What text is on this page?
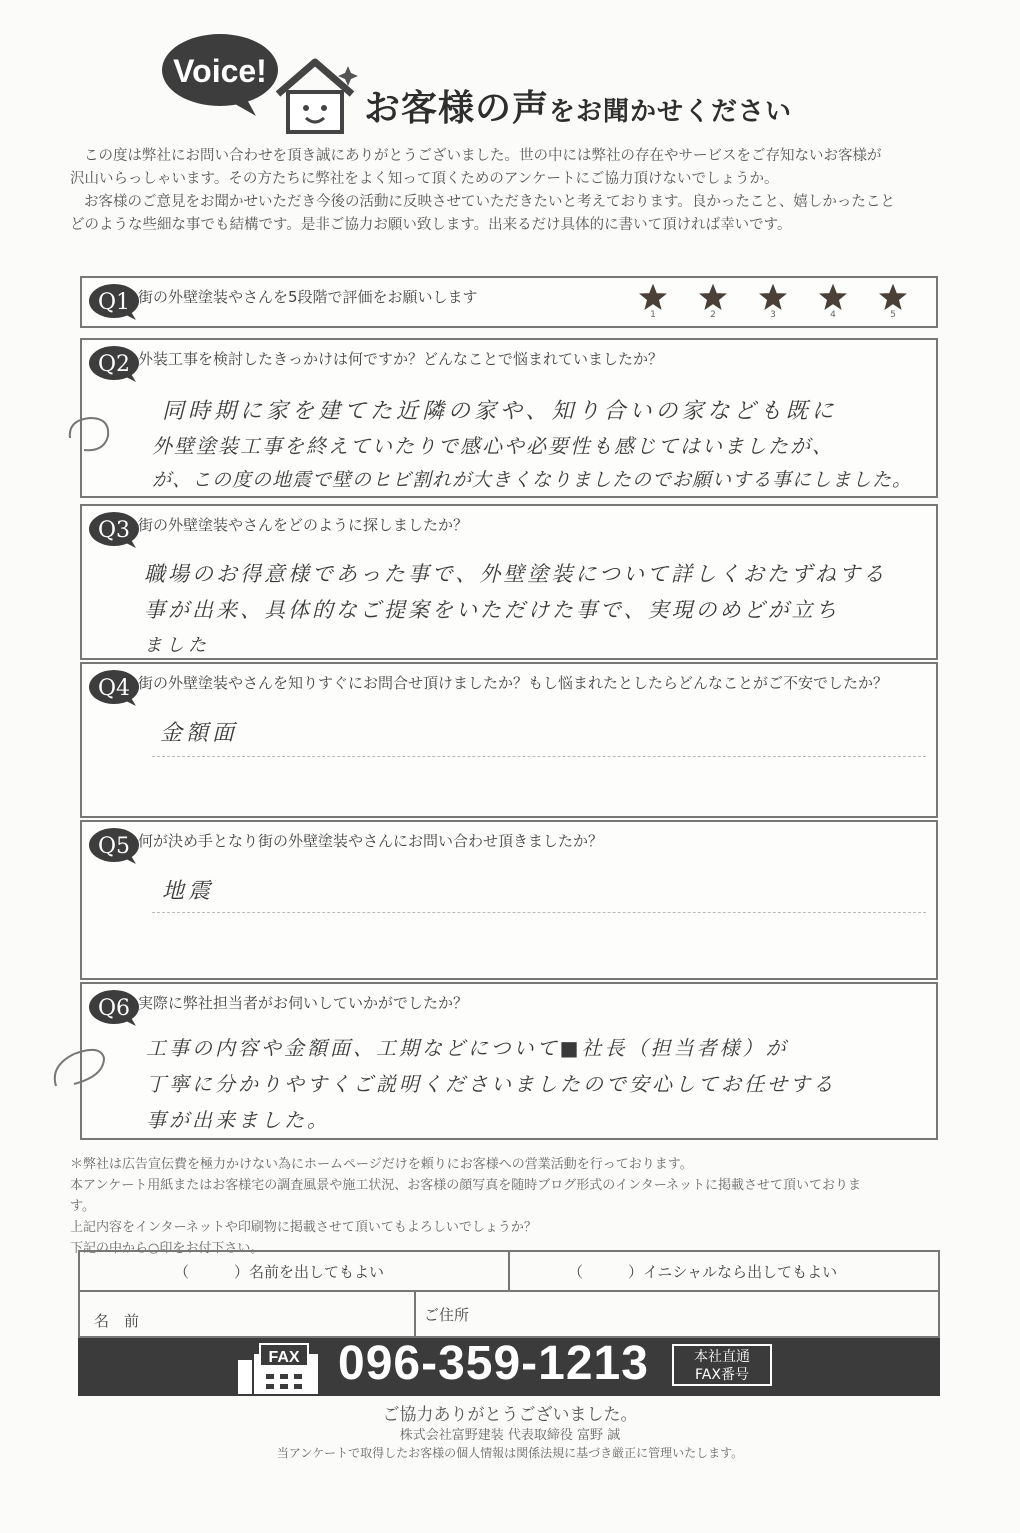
Voice!
お客様の声をお聞かせください

この度は弊社にお問い合わせを頂き誠にありがとうございました。世の中には弊社の存在やサービスをご存知ないお客様が

沢山いらっしゃいます。その方たちに弊社をよく知って頂くためのアンケートにご協力頂けないでしょうか。

お客様のご意見をお聞かせいただき今後の活動に反映させていただきたいと考えております。良かったこと、嬉しかったこと

どのような些細な事でも結構です。是非ご協力お願い致します。出来るだけ具体的に書いて頂ければ幸いです。

Q1 街の外壁塗装やさんを5段階で評価をお願いします
1	2	3	4	5
Q2 外装工事を検討したきっかけは何ですか？どんなことで悩まれていましたか？
同時期に家を建てた近隣の家や、知り合いの家なども既に
外壁塗装工事を終えていたりで感心や必要性も感じてはいましたが、
が、この度の地震で壁のヒビ割れが大きくなりましたのでお願いする事にしました。
Q3 街の外壁塗装やさんをどのように探しましたか？
職場のお得意様であった事で、外壁塗装について詳しくおたずねする
事が出来、具体的なご提案をいただけた事で、実現のめどが立ち
ました
Q4 街の外壁塗装やさんを知りすぐにお問合せ頂けましたか？もし悩まれたとしたらどんなことがご不安でしたか？
金額面
Q5 何が決め手となり街の外壁塗装やさんにお問い合わせ頂きましたか？
地震
Q6 実際に弊社担当者がお伺いしていかがでしたか？
工事の内容や金額面、工期などについて■社長（担当者様）が
丁寧に分かりやすくご説明くださいましたので安心してお任せする
事が出来ました。
＊弊社は広告宣伝費を極力かけない為にホームページだけを頼りにお客様への営業活動を行っております。
本アンケート用紙またはお客様宅の調査風景や施工状況、お客様の顔写真を随時ブログ形式のインターネットに掲載させて頂いておりま
す。
上記内容をインターネットや印刷物に掲載させて頂いてもよろしいでしょうか？
下記の中から○印をお付下さい。
（　　　）名前を出してもよい	（　　　）イニシャルなら出してもよい
名　前	ご住所
FAX 096-359-1213	本社直通
FAX番号
ご協力ありがとうございました。
株式会社富野建装 代表取締役 富野 誠
当アンケートで取得したお客様の個人情報は関係法規に基づき厳正に管理いたします。
